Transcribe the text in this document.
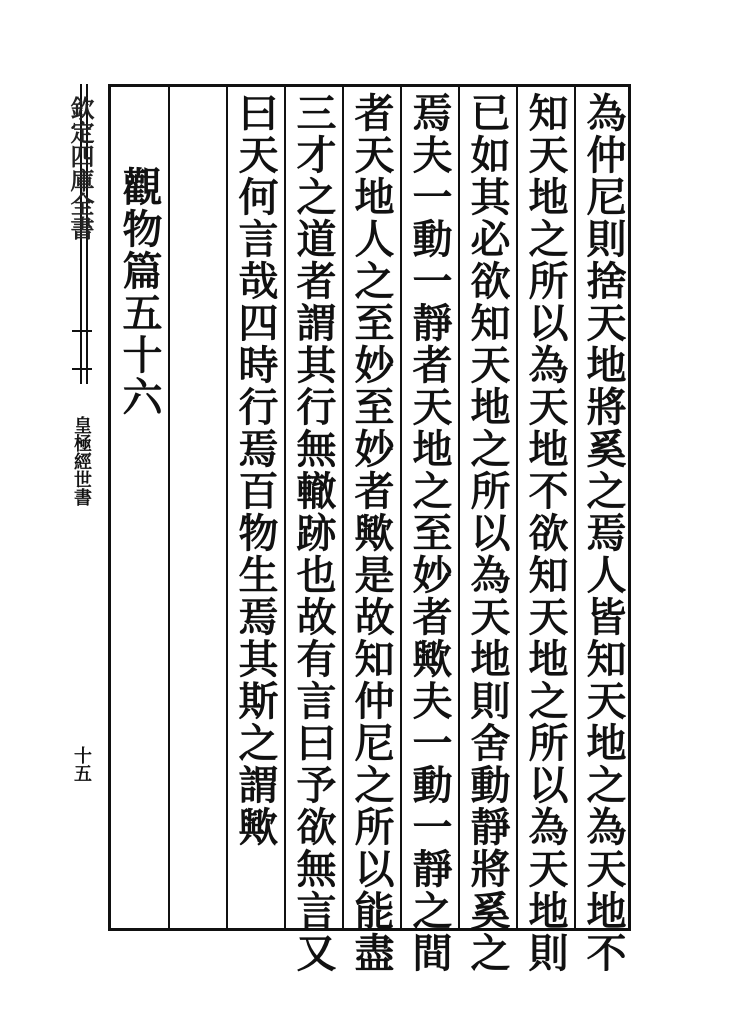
為仲尼則捨天地將奚之焉人皆知天地之為天地不
知天地之所以為天地不欲知天地之所以為天地則
已如其必欲知天地之所以為天地則舍動靜將奚之
焉夫一動一靜者天地之至妙者歟夫一動一靜之間
者天地人之至妙至妙者歟是故知仲尼之所以能盡
三才之道者謂其行無轍跡也故有言曰予欲無言又
曰天何言哉四時行焉百物生焉其斯之謂歟
觀物篇五十六
欽定四庫全書
皇極經世書
十五
